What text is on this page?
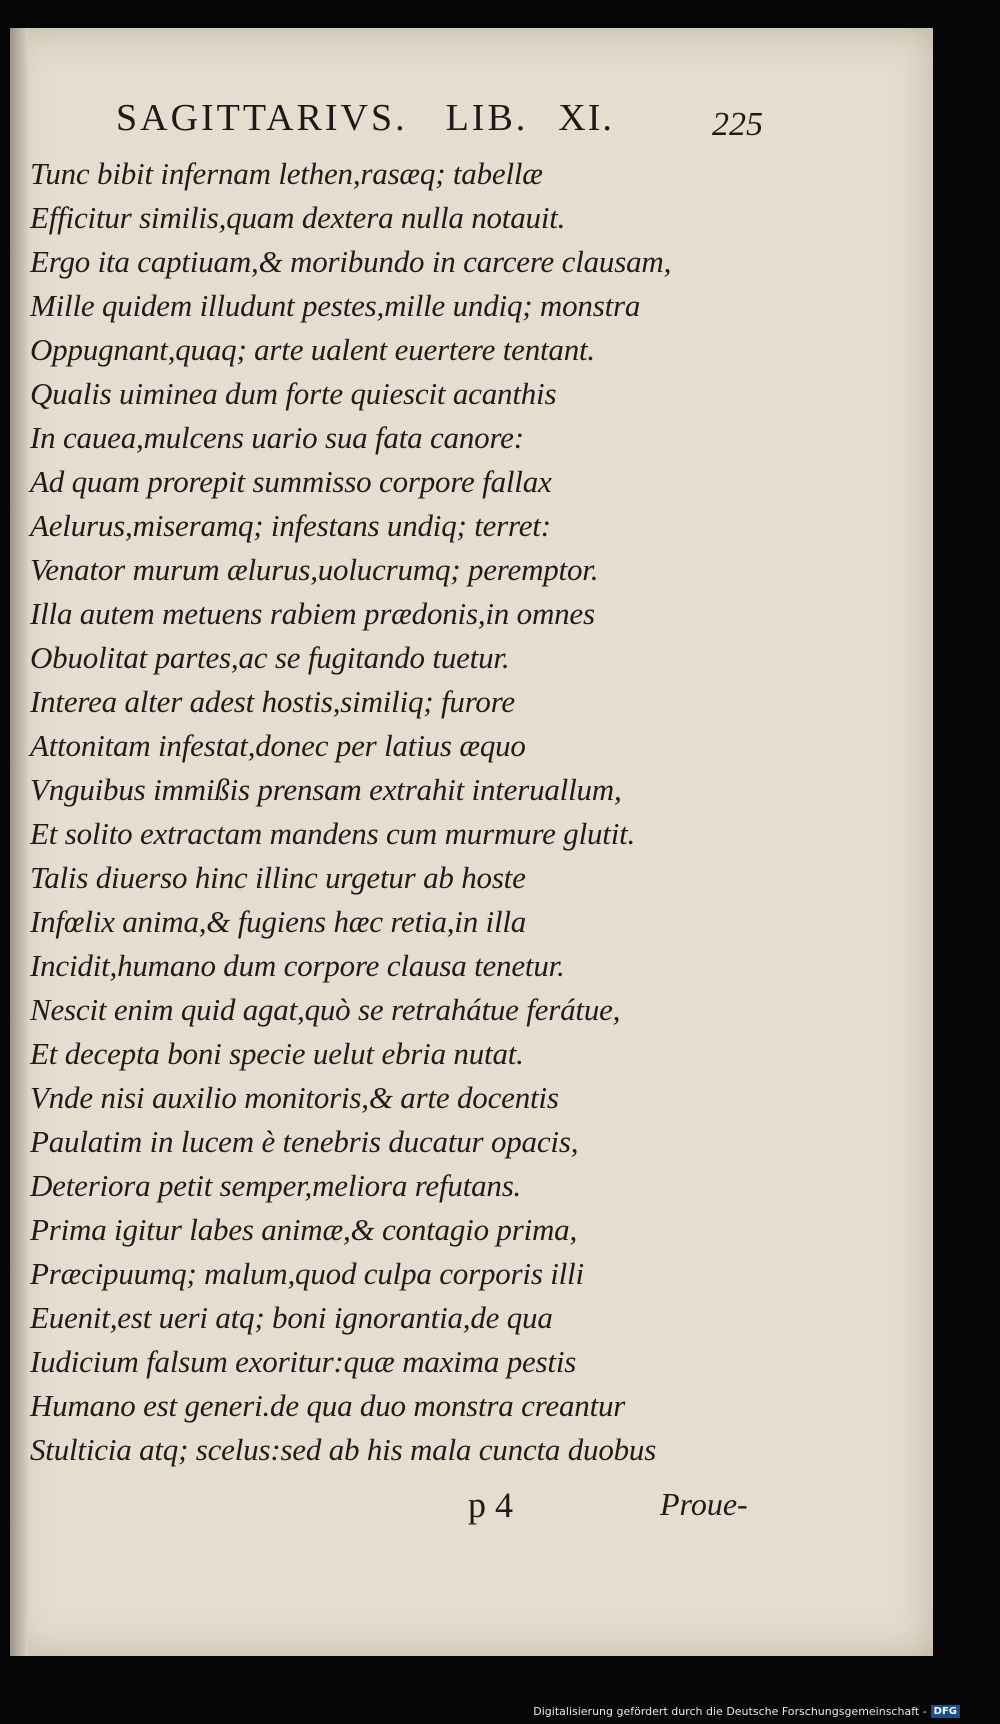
SAGITTARIVS. LIB. XI.	225
Tunc bibit infernam lethen,rasæq; tabellæ
Efficitur similis,quam dextera nulla notauit.
Ergo ita captiuam,& moribundo in carcere clausam,
Mille quidem illudunt pestes,mille undiq; monstra
Oppugnant,quaq; arte ualent euertere tentant.
Qualis uiminea dum forte quiescit acanthis
In cauea,mulcens uario sua fata canore:
Ad quam prorepit summisso corpore fallax
Aelurus,miseramq; infestans undiq; terret:
Venator murum ælurus,uolucrumq; peremptor.
Illa autem metuens rabiem prædonis,in omnes
Obuolitat partes,ac se fugitando tuetur.
Interea alter adest hostis,similiq; furore
Attonitam infestat,donec per latius æquo
Vnguibus immißis prensam extrahit interuallum,
Et solito extractam mandens cum murmure glutit.
Talis diuerso hinc illinc urgetur ab hoste
Infœlix anima,& fugiens hæc retia,in illa
Incidit,humano dum corpore clausa tenetur.
Nescit enim quid agat,quò se retrahátue ferátue,
Et decepta boni specie uelut ebria nutat.
Vnde nisi auxilio monitoris,& arte docentis
Paulatim in lucem è tenebris ducatur opacis,
Deteriora petit semper,meliora refutans.
Prima igitur labes animæ,& contagio prima,
Præcipuumq; malum,quod culpa corporis illi
Euenit,est ueri atq; boni ignorantia,de qua
Iudicium falsum exoritur:quæ maxima pestis
Humano est generi.de qua duo monstra creantur
Stulticia atq; scelus:sed ab his mala cuncta duobus
p 4	Proue-
Digitalisierung gefördert durch die Deutsche Forschungsgemeinschaft - DFG
